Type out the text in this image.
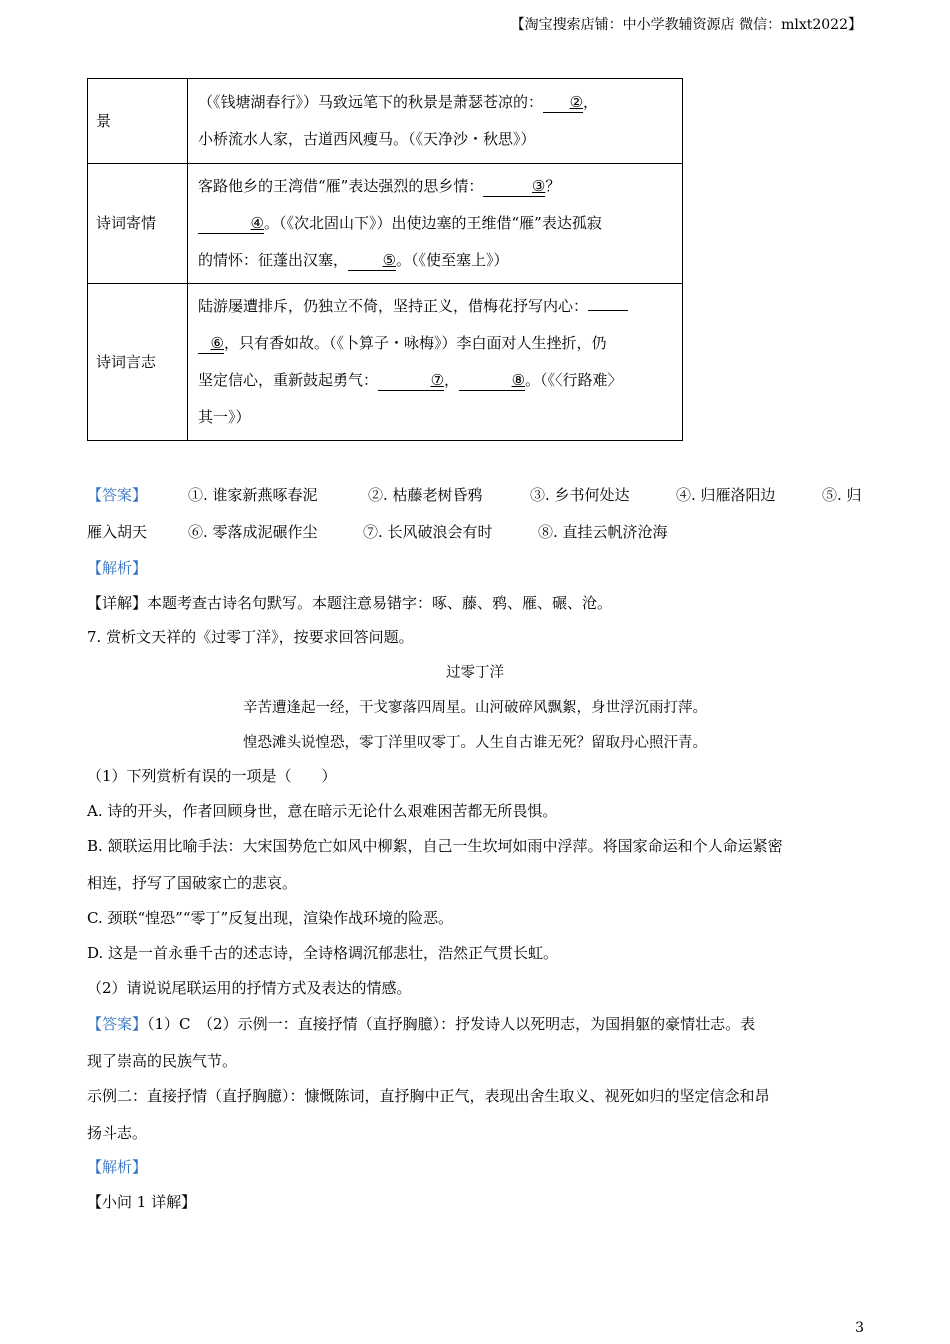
【淘宝搜索店铺：中小学教辅资源店 微信：mlxt2022】
景	（《钱塘湖春行》）马致远笔下的秋景是萧瑟苍凉的： ②，
小桥流水人家，古道西风瘦马。（《天净沙・秋思》）

诗词寄情	客路他乡的王湾借“雁”表达强烈的思乡情： ③？
④。（《次北固山下》）出使边塞的王维借“雁”表达孤寂
的情怀：征蓬出汉塞， ⑤。（《使至塞上》）

诗词言志	陆游屡遭排斥，仍独立不倚，坚持正义，借梅花抒写内心：
⑥，只有香如故。（《卜算子・咏梅》）李白面对人生挫折，仍
坚定信心，重新鼓起勇气： ⑦， ⑧。（《〈行路难〉
其一》）
【答案】	①. 谁家新燕啄春泥	②. 枯藤老树昏鸦	③. 乡书何处达	④. 归雁洛阳边	⑤. 归
雁入胡天	⑥. 零落成泥碾作尘	⑦. 长风破浪会有时	⑧. 直挂云帆济沧海
【解析】
【详解】本题考查古诗名句默写。本题注意易错字：啄、藤、鸦、雁、碾、沧。
7. 赏析文天祥的《过零丁洋》，按要求回答问题。
过零丁洋
辛苦遭逢起一经，干戈寥落四周星。山河破碎风飘絮，身世浮沉雨打萍。
惶恐滩头说惶恐，零丁洋里叹零丁。人生自古谁无死？留取丹心照汗青。
（1）下列赏析有误的一项是（　　）
A. 诗的开头，作者回顾身世，意在暗示无论什么艰难困苦都无所畏惧。
B. 颔联运用比喻手法：大宋国势危亡如风中柳絮，自己一生坎坷如雨中浮萍。将国家命运和个人命运紧密
相连，抒写了国破家亡的悲哀。
C. 颈联“惶恐”“零丁”反复出现，渲染作战环境的险恶。
D. 这是一首永垂千古的述志诗，全诗格调沉郁悲壮，浩然正气贯长虹。
（2）请说说尾联运用的抒情方式及表达的情感。
【答案】（1）C　（2）示例一：直接抒情（直抒胸臆）：抒发诗人以死明志，为国捐躯的豪情壮志。表
现了崇高的民族气节。
示例二：直接抒情（直抒胸臆）：慷慨陈词，直抒胸中正气，表现出舍生取义、视死如归的坚定信念和昂
扬斗志。
【解析】
【小问 1 详解】
3
